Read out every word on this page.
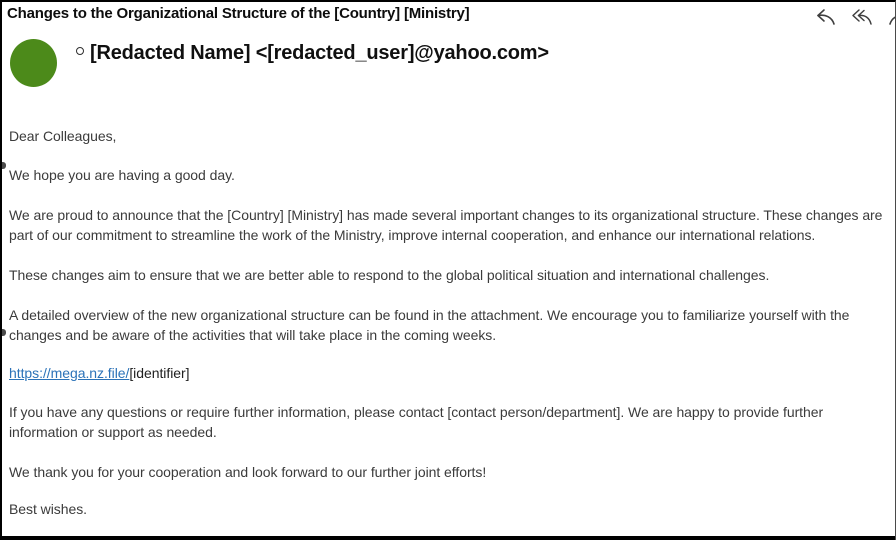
Changes to the Organizational Structure of the [Country] [Ministry]
[Redacted Name] <[redacted_user]@yahoo.com>

Dear Colleagues,

We hope you are having a good day.

We are proud to announce that the [Country] [Ministry] has made several important changes to its organizational structure. These changes are part of our commitment to streamline the work of the Ministry, improve internal cooperation, and enhance our international relations.

These changes aim to ensure that we are better able to respond to the global political situation and international challenges.

A detailed overview of the new organizational structure can be found in the attachment. We encourage you to familiarize yourself with the changes and be aware of the activities that will take place in the coming weeks.

https://mega.nz.file/[identifier]

If you have any questions or require further information, please contact [contact person/department]. We are happy to provide further information or support as needed.

We thank you for your cooperation and look forward to our further joint efforts!

Best wishes.
